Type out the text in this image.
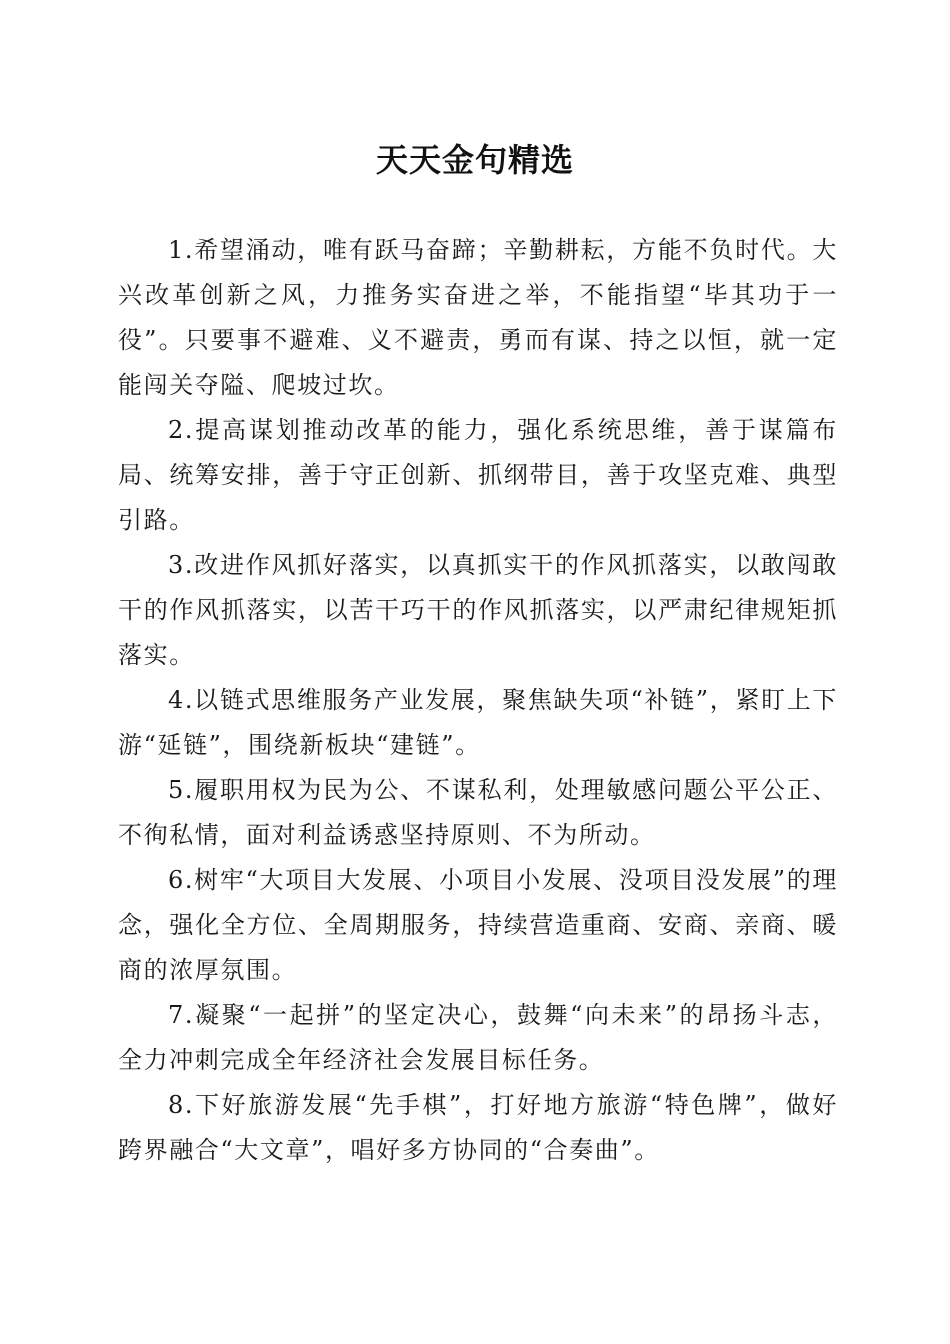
天天金句精选

1.希望涌动，唯有跃马奋蹄；辛勤耕耘，方能不负时代。大兴改革创新之风，力推务实奋进之举，不能指望“毕其功于一役”。只要事不避难、义不避责，勇而有谋、持之以恒，就一定能闯关夺隘、爬坡过坎。

2.提高谋划推动改革的能力，强化系统思维，善于谋篇布局、统筹安排，善于守正创新、抓纲带目，善于攻坚克难、典型引路。

3.改进作风抓好落实，以真抓实干的作风抓落实，以敢闯敢干的作风抓落实，以苦干巧干的作风抓落实，以严肃纪律规矩抓落实。

4.以链式思维服务产业发展，聚焦缺失项“补链”，紧盯上下游“延链”，围绕新板块“建链”。

5.履职用权为民为公、不谋私利，处理敏感问题公平公正、不徇私情，面对利益诱惑坚持原则、不为所动。

6.树牢“大项目大发展、小项目小发展、没项目没发展”的理念，强化全方位、全周期服务，持续营造重商、安商、亲商、暖商的浓厚氛围。

7.凝聚“一起拼”的坚定决心，鼓舞“向未来”的昂扬斗志，全力冲刺完成全年经济社会发展目标任务。

8.下好旅游发展“先手棋”，打好地方旅游“特色牌”，做好跨界融合“大文章”，唱好多方协同的“合奏曲”。
